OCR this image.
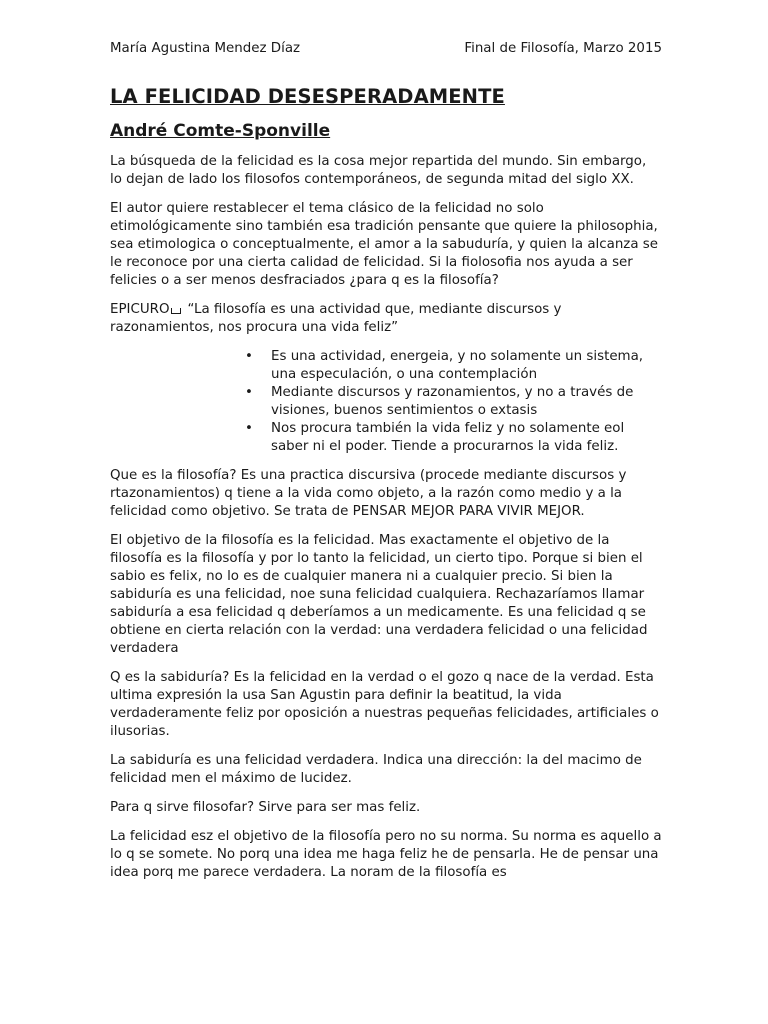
María Agustina Mendez Díaz	Final de Filosofía, Marzo 2015
LA FELICIDAD DESESPERADAMENTE
André Comte-Sponville

La búsqueda de la felicidad es la cosa mejor repartida del mundo. Sin embargo, lo dejan de lado los filosofos contemporáneos, de segunda mitad del siglo XX.

El autor quiere restablecer el tema clásico de la felicidad no solo etimológicamente sino también esa tradición pensante que quiere la philosophia, sea etimologica o conceptualmente, el amor a la sabuduría, y quien la alcanza se le reconoce por una cierta calidad de felicidad. Si la fiolosofia nos ayuda a ser felicies o a ser menos desfraciados ¿para q es la filosofía?

EPICURO “La filosofía es una actividad que, mediante discursos y razonamientos, nos procura una vida feliz”

• Es una actividad, energeia, y no solamente un sistema, una especulación, o una contemplación
• Mediante discursos y razonamientos, y no a través de visiones, buenos sentimientos o extasis
• Nos procura también la vida feliz y no solamente eol saber ni el poder. Tiende a procurarnos la vida feliz.

Que es la filosofía? Es una practica discursiva (procede mediante discursos y rtazonamientos) q tiene a la vida como objeto, a la razón como medio y a la felicidad como objetivo. Se trata de PENSAR MEJOR PARA VIVIR MEJOR.

El objetivo de la filosofía es la felicidad. Mas exactamente el objetivo de la filosofía es la filosofía y por lo tanto la felicidad, un cierto tipo. Porque si bien el sabio es felix, no lo es de cualquier manera ni a cualquier precio. Si bien la sabiduría es una felicidad, noe suna felicidad cualquiera. Rechazaríamos llamar sabiduría a esa felicidad q deberíamos a un medicamente. Es una felicidad q se obtiene en cierta relación con la verdad: una verdadera felicidad o una felicidad verdadera

Q es la sabiduría? Es la felicidad en la verdad o el gozo q nace de la verdad. Esta ultima expresión la usa San Agustin para definir la beatitud, la vida verdaderamente feliz por oposición a nuestras pequeñas felicidades, artificiales o ilusorias.

La sabiduría es una felicidad verdadera. Indica una dirección: la del macimo de felicidad men el máximo de lucidez.

Para q sirve filosofar? Sirve para ser mas feliz.

La felicidad esz el objetivo de la filosofía pero no su norma. Su norma es aquello a lo q se somete. No porq una idea me haga feliz he de pensarla. He de pensar una idea porq me parece verdadera. La noram de la filosofía es
